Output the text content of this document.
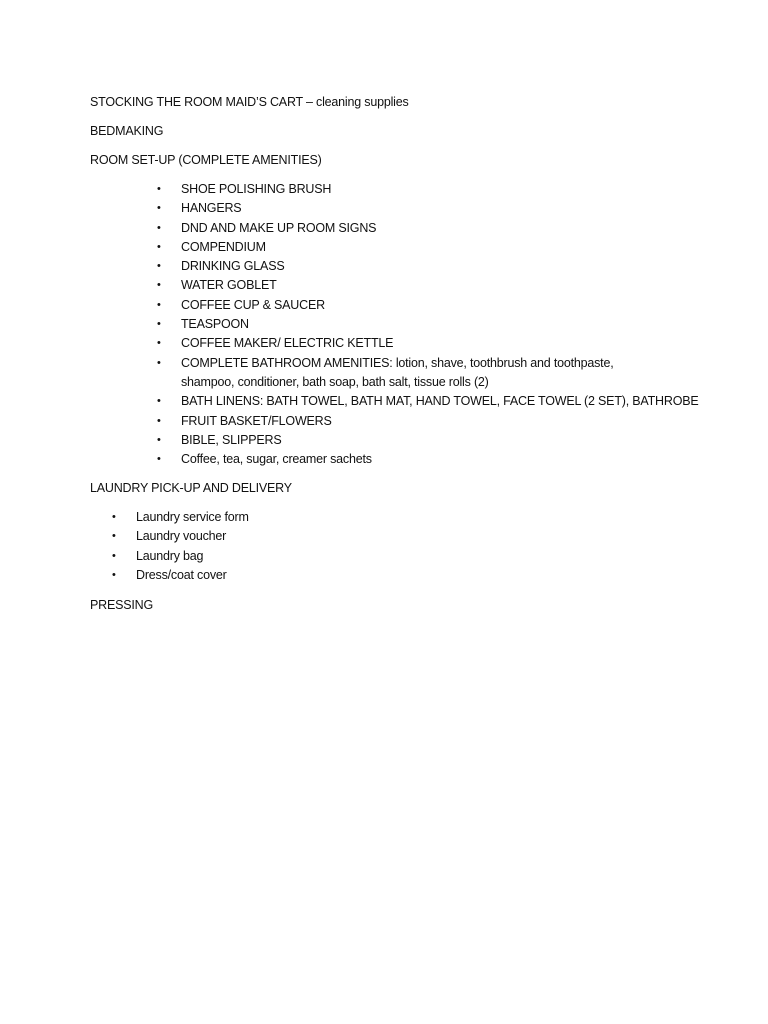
STOCKING THE ROOM MAID’S CART – cleaning supplies
BEDMAKING
ROOM SET-UP (COMPLETE AMENITIES)
• SHOE POLISHING BRUSH
• HANGERS
• DND AND MAKE UP ROOM SIGNS
• COMPENDIUM
• DRINKING GLASS
• WATER GOBLET
• COFFEE CUP & SAUCER
• TEASPOON
• COFFEE MAKER/ ELECTRIC KETTLE
• COMPLETE BATHROOM AMENITIES: lotion, shave, toothbrush and toothpaste,
shampoo, conditioner, bath soap, bath salt, tissue rolls (2)
• BATH LINENS: BATH TOWEL, BATH MAT, HAND TOWEL, FACE TOWEL (2 SET), BATHROBE
• FRUIT BASKET/FLOWERS
• BIBLE, SLIPPERS
• Coffee, tea, sugar, creamer sachets
LAUNDRY PICK-UP AND DELIVERY
• Laundry service form
• Laundry voucher
• Laundry bag
• Dress/coat cover
PRESSING
